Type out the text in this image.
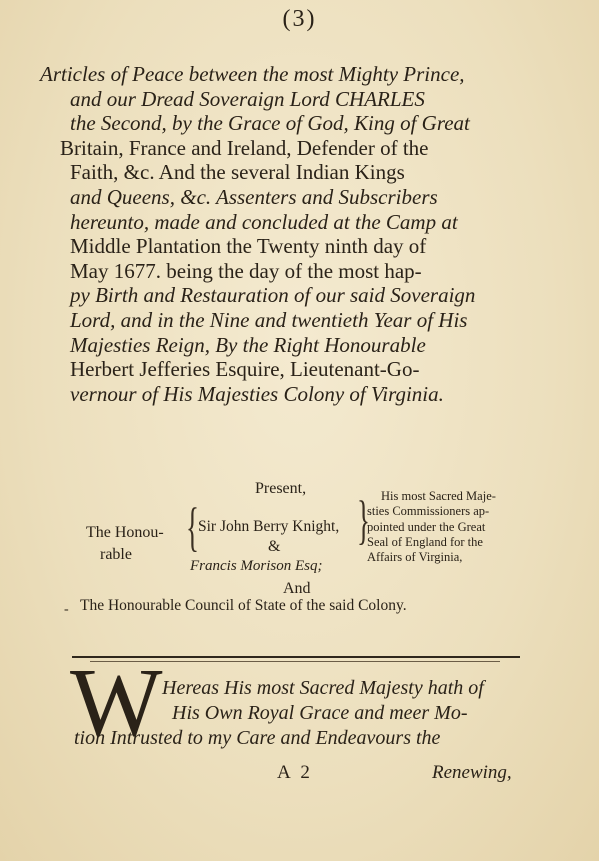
(3)
Articles of Peace between the most Mighty Prince,
and our Dread Soveraign Lord CHARLES
the Second, by the Grace of God, King of Great
Britain, France and Ireland, Defender of the
Faith, &c. And the several Indian Kings
and Queens, &c. Assenters and Subscribers
hereunto, made and concluded at the Camp at
Middle Plantation the Twenty ninth day of
May 1677. being the day of the most hap-
py Birth and Restauration of our said Soveraign
Lord, and in the Nine and twentieth Year of His
Majesties Reign, By the Right Honourable
Herbert Jefferies Esquire, Lieutenant-Go-
vernour of His Majesties Colony of Virginia.
Present,
The Honou-
rable	{ Sir John Berry Knight,
&
Francis Morison Esq;
} His most Sacred Maje-
sties Commissioners ap-
pointed under the Great
Seal of England for the
Affairs of Virginia,
And
- The Honourable Council of State of the said Colony.
W Hereas His most Sacred Majesty hath of
His Own Royal Grace and meer Mo-
tion Intrusted to my Care and Endeavours the
A 2	Renewing,
